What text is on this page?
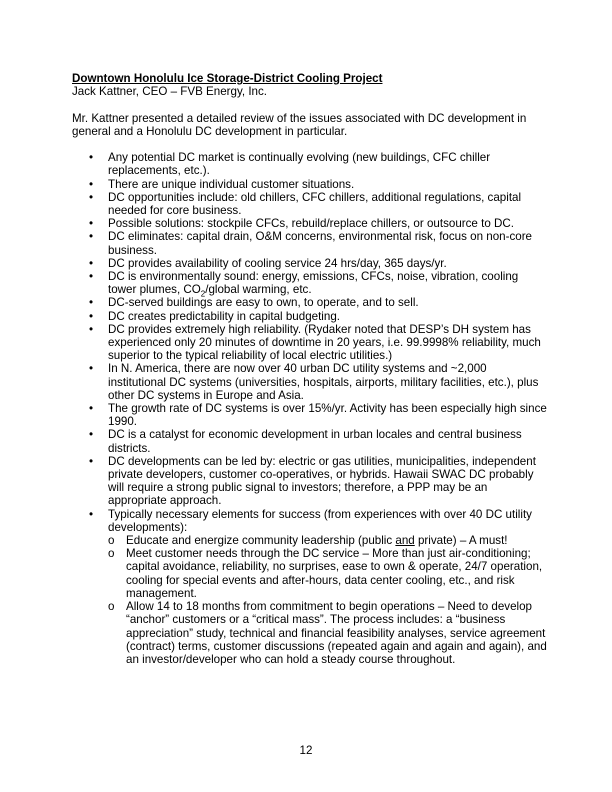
Downtown Honolulu Ice Storage-District Cooling Project
Jack Kattner, CEO – FVB Energy, Inc.

Mr. Kattner presented a detailed review of the issues associated with DC development in general and a Honolulu DC development in particular.

• Any potential DC market is continually evolving (new buildings, CFC chiller replacements, etc.).
• There are unique individual customer situations.
• DC opportunities include: old chillers, CFC chillers, additional regulations, capital needed for core business.
• Possible solutions: stockpile CFCs, rebuild/replace chillers, or outsource to DC.
• DC eliminates: capital drain, O&M concerns, environmental risk, focus on non-core business.
• DC provides availability of cooling service 24 hrs/day, 365 days/yr.
• DC is environmentally sound: energy, emissions, CFCs, noise, vibration, cooling tower plumes, $CO_2$/global warming, etc.
• DC-served buildings are easy to own, to operate, and to sell.
• DC creates predictability in capital budgeting.
• DC provides extremely high reliability. (Rydaker noted that DESP’s DH system has experienced only 20 minutes of downtime in 20 years, i.e. 99.9998% reliability, much superior to the typical reliability of local electric utilities.)
• In N. America, there are now over 40 urban DC utility systems and ~2,000 institutional DC systems (universities, hospitals, airports, military facilities, etc.), plus other DC systems in Europe and Asia.
• The growth rate of DC systems is over 15%/yr. Activity has been especially high since 1990.
• DC is a catalyst for economic development in urban locales and central business districts.
• DC developments can be led by: electric or gas utilities, municipalities, independent private developers, customer co-operatives, or hybrids. Hawaii SWAC DC probably will require a strong public signal to investors; therefore, a PPP may be an appropriate approach.
• Typically necessary elements for success (from experiences with over 40 DC utility developments):
o Educate and energize community leadership (public and private) – A must!
o Meet customer needs through the DC service – More than just air-conditioning; capital avoidance, reliability, no surprises, ease to own & operate, 24/7 operation, cooling for special events and after-hours, data center cooling, etc., and risk management.
o Allow 14 to 18 months from commitment to begin operations – Need to develop “anchor” customers or a “critical mass”. The process includes: a “business appreciation” study, technical and financial feasibility analyses, service agreement (contract) terms, customer discussions (repeated again and again and again), and an investor/developer who can hold a steady course throughout.
12
